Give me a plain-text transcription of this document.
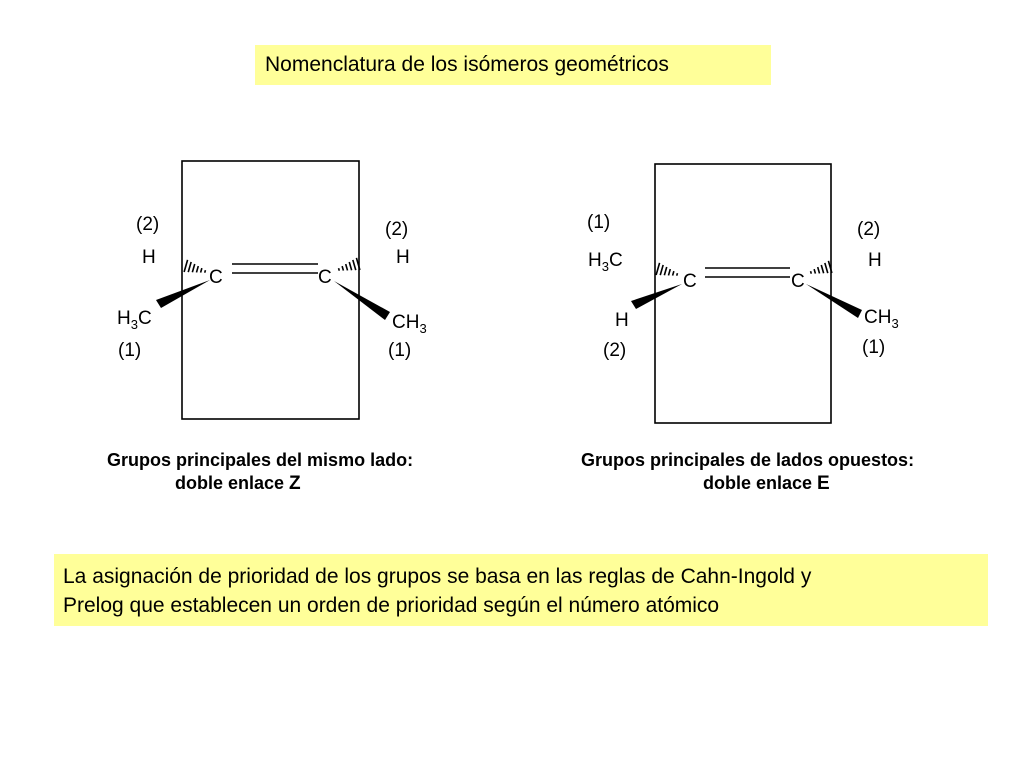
Nomenclatura de los isómeros geométricos
(2)
H
(2)
H
C	C
$H_3C$
(1)
$CH_3$
(1)
Grupos principales del mismo lado:
doble enlace Z
(1)
$H_3C$
(2)
H
C	C
H
(2)
$CH_3$
(1)
Grupos principales de lados opuestos:
doble enlace E
La asignación de prioridad de los grupos se basa en las reglas de Cahn-Ingold y
Prelog que establecen un orden de prioridad según el número atómico
